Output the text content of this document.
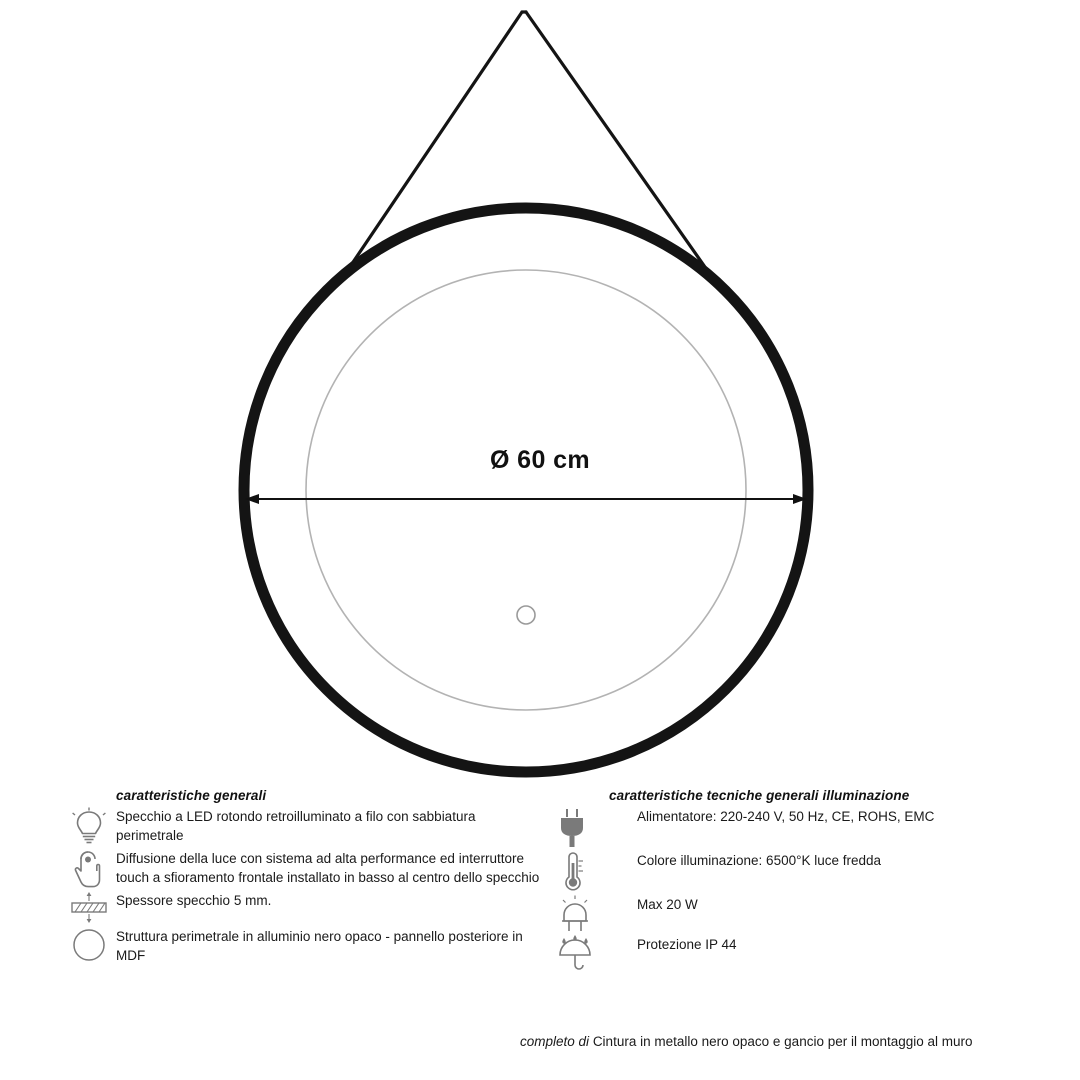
Ø 60 cm
caratteristiche generali
Specchio a LED rotondo retroilluminato a filo con sabbiatura perimetrale
Diffusione della luce con sistema ad alta performance ed interruttore touch a sfioramento frontale installato in basso al centro dello specchio
Spessore specchio 5 mm.
Struttura perimetrale in alluminio nero opaco - pannello posteriore in MDF
caratteristiche tecniche generali illuminazione
Alimentatore: 220-240 V, 50 Hz, CE, ROHS, EMC
Colore illuminazione: 6500°K luce fredda
Max 20 W
Protezione IP 44
completo di Cintura in metallo nero opaco e gancio per il montaggio al muro
